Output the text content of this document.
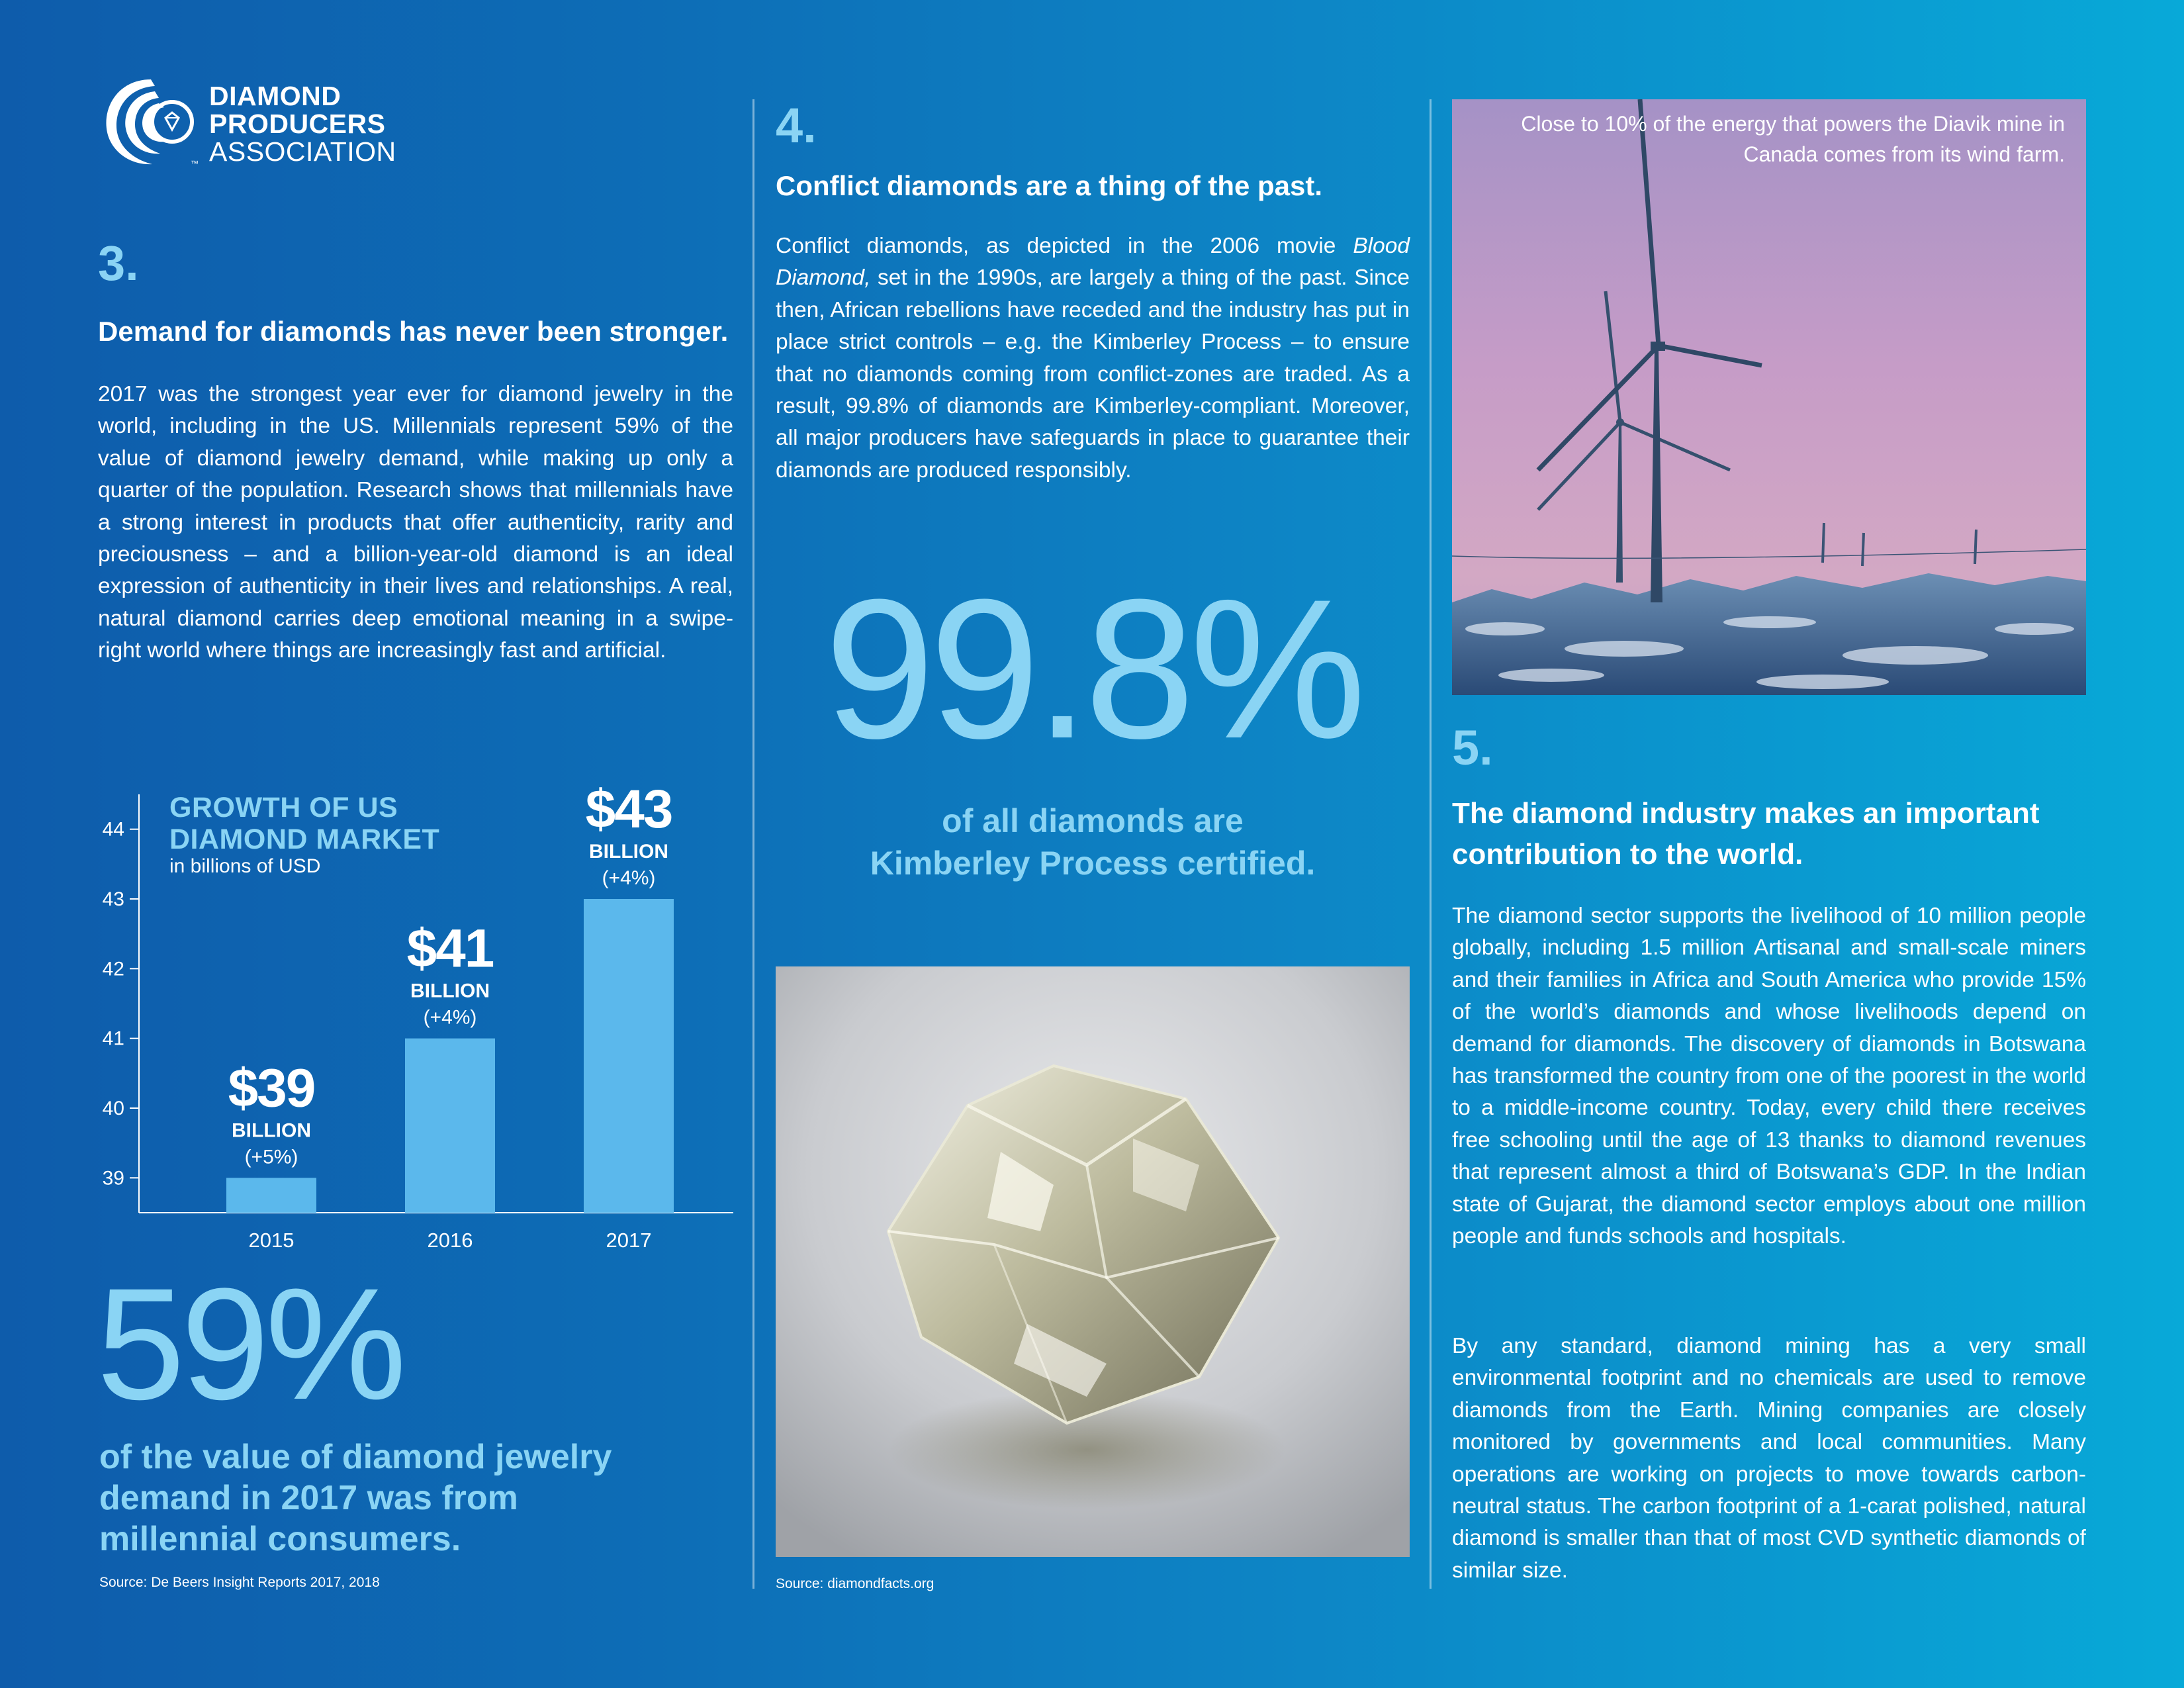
DIAMOND
PRODUCERS
ASSOCIATION
™
3.
Demand for diamonds has never been stronger.
2017 was the strongest year ever for diamond jewelry in the world, including in the US. Millennials represent 59% of the value of diamond jewelry demand, while making up only a quarter of the population. Research shows that millennials have a strong interest in products that offer authenticity, rarity and preciousness – and a billion-year-old diamond is an ideal expression of authenticity in their lives and relationships. A real, natural diamond carries deep emotional meaning in a swipe-right world where things are increasingly fast and artificial.
39
40
41
42
43
44
2015
$39
BILLION
(+5%)
2016
$41
BILLION
(+4%)
2017
$43
BILLION
(+4%)
GROWTH OF US
DIAMOND MARKET
in billions of USD
59%
of the value of diamond jewelry demand in 2017 was from millennial consumers.
Source: De Beers Insight Reports 2017, 2018
4.
Conflict diamonds are a thing of the past.
Conflict diamonds, as depicted in the 2006 movie Blood Diamond, set in the 1990s, are largely a thing of the past. Since then, African rebellions have receded and the industry has put in place strict controls – e.g. the Kimberley Process – to ensure that no diamonds coming from conflict-zones are traded. As a result, 99.8% of diamonds are Kimberley-compliant. Moreover, all major producers have safeguards in place to guarantee their diamonds are produced responsibly.
99.8%
of all diamonds are
Kimberley Process certified.
Source: diamondfacts.org
Close to 10% of the energy that powers the Diavik mine in Canada comes from its wind farm.
5.
The diamond industry makes an important contribution to the world.
The diamond sector supports the livelihood of 10 million people globally, including 1.5 million Artisanal and small-scale miners and their families in Africa and South America who provide 15% of the world’s diamonds and whose livelihoods depend on demand for diamonds. The discovery of diamonds in Botswana has transformed the country from one of the poorest in the world to a middle-income country. Today, every child there receives free schooling until the age of 13 thanks to diamond revenues that represent almost a third of Botswana’s GDP. In the Indian state of Gujarat, the diamond sector employs about one million people and funds schools and hospitals.
By any standard, diamond mining has a very small environmental footprint and no chemicals are used to remove diamonds from the Earth. Mining companies are closely monitored by governments and local communities. Many operations are working on projects to move towards carbon-neutral status. The carbon footprint of a 1-carat polished, natural diamond is smaller than that of most CVD synthetic diamonds of similar size.
